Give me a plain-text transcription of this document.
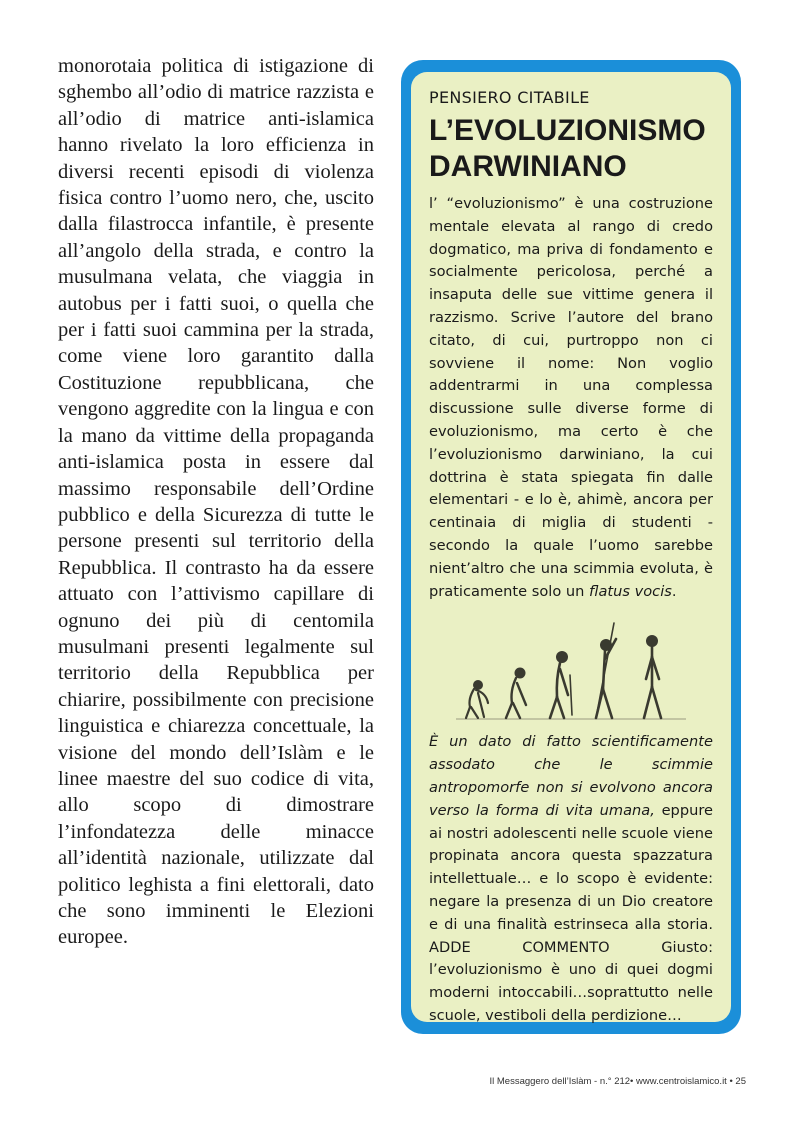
monorotaia politica di istigazione di sghembo all’odio di matrice razzista e all’odio di matrice anti-islamica hanno rivelato la loro efficienza in diversi recenti episodi di violenza fisica contro l’uomo nero, che, uscito dalla filastrocca infantile, è presente all’angolo della strada, e contro la musulmana velata, che viaggia in autobus per i fatti suoi, o quella che per i fatti suoi cammina per la strada, come viene loro garantito dalla Costituzione repubblicana, che vengono aggredite con la lingua e con la mano da vittime della propaganda anti-islamica posta in essere dal massimo responsabile dell’Ordine pubblico e della Sicurezza di tutte le persone presenti sul territorio della Repubblica. Il contrasto ha da essere attuato con l’attivismo capillare di ognuno dei più di centomila musulmani presenti legalmente sul territorio della Repubblica per chiarire, possibilmente con precisione linguistica e chiarezza concettuale, la visione del mondo dell’Islàm e le linee maestre del suo codice di vita, allo scopo di dimostrare l’infondatezza delle minacce all’identità nazionale, utilizzate dal politico leghista a fini elettorali, dato che sono imminenti le Elezioni europee.

PENSIERO CITABILE
L’EVOLUZIONISMO
DARWINIANO

l’ “evoluzionismo” è una costruzione mentale elevata al rango di credo dogmatico, ma priva di fondamento e socialmente pericolosa, perché a insaputa delle sue vittime genera il razzismo. Scrive l’autore del brano citato, di cui, purtroppo non ci sovviene il nome: Non voglio addentrarmi in una complessa discussione sulle diverse forme di evoluzionismo, ma certo è che l’evoluzionismo darwiniano, la cui dottrina è stata spiegata fin dalle elementari - e lo è, ahimè, ancora per centinaia di miglia di studenti - secondo la quale l’uomo sarebbe nient’altro che una scimmia evoluta, è praticamente solo un flatus vocis.

È un dato di fatto scientificamente assodato che le scimmie antropomorfe non si evolvono ancora verso la forma di vita umana, eppure ai nostri adolescenti nelle scuole viene propinata ancora questa spazzatura intellettuale… e lo scopo è evidente: negare la presenza di un Dio creatore e di una finalità estrinseca alla storia. ADDE COMMENTO Giusto: l’evoluzionismo è uno di quei dogmi moderni intoccabili…soprattutto nelle scuole, vestiboli della perdizione…

Il Messaggero dell’Islàm - n.° 212• www.centroislamico.it • 25
